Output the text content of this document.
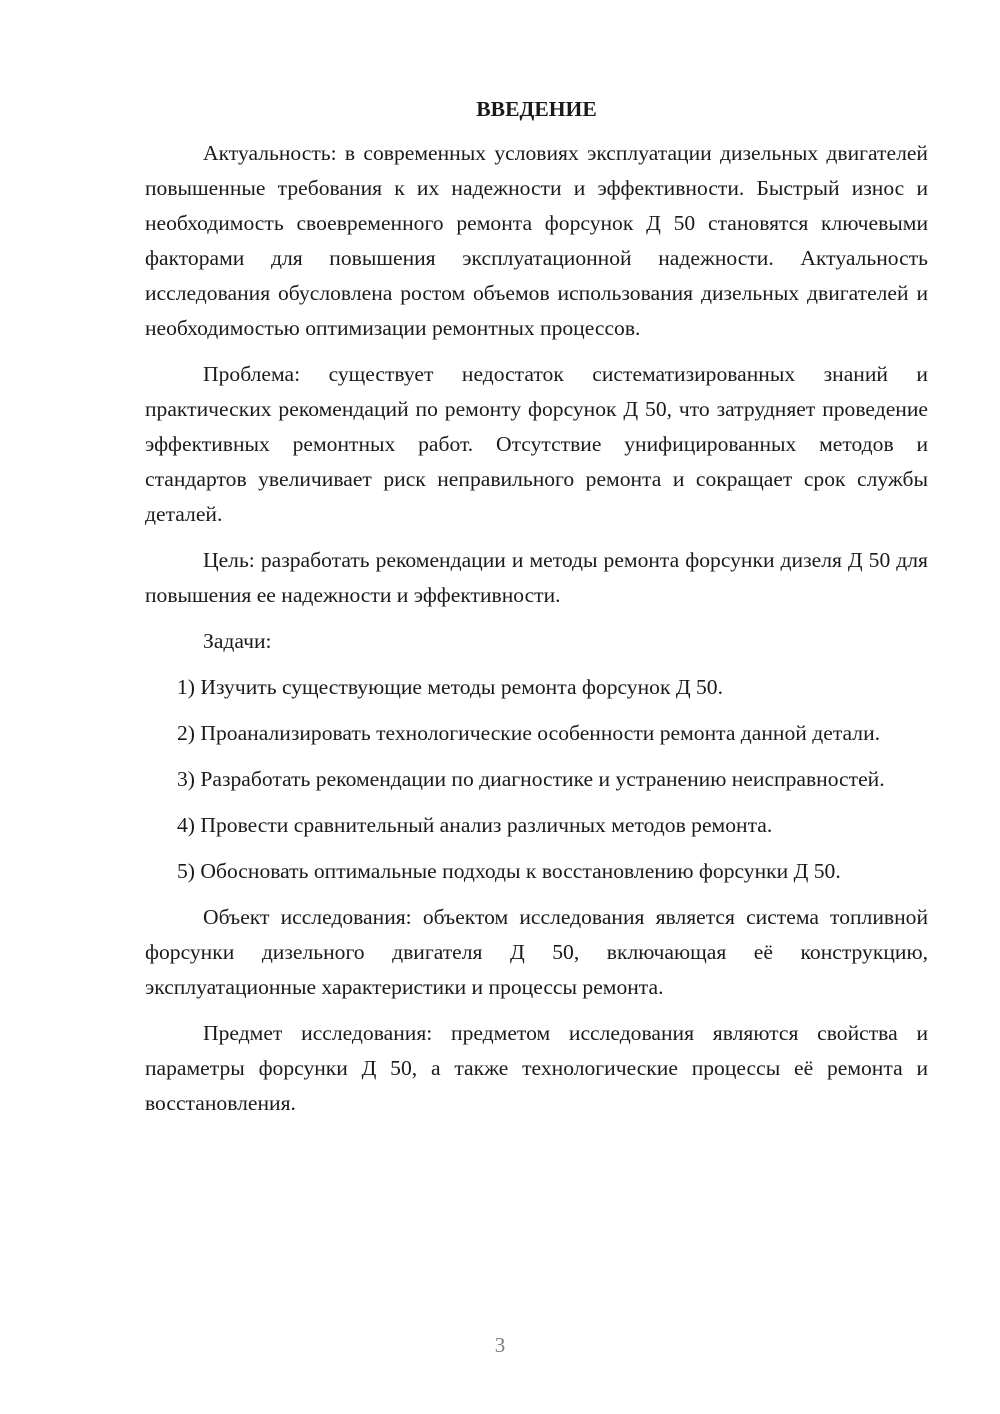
ВВЕДЕНИЕ

Актуальность: в современных условиях эксплуатации дизельных двигателей повышенные требования к их надежности и эффективности. Быстрый износ и необходимость своевременного ремонта форсунок Д 50 становятся ключевыми факторами для повышения эксплуатационной надежности. Актуальность исследования обусловлена ростом объемов использования дизельных двигателей и необходимостью оптимизации ремонтных процессов.

Проблема: существует недостаток систематизированных знаний и практических рекомендаций по ремонту форсунок Д 50, что затрудняет проведение эффективных ремонтных работ. Отсутствие унифицированных методов и стандартов увеличивает риск неправильного ремонта и сокращает срок службы деталей.

Цель: разработать рекомендации и методы ремонта форсунки дизеля Д 50 для повышения ее надежности и эффективности.

Задачи:

1) Изучить существующие методы ремонта форсунок Д 50.

2) Проанализировать технологические особенности ремонта данной детали.

3) Разработать рекомендации по диагностике и устранению неисправностей.

4) Провести сравнительный анализ различных методов ремонта.

5) Обосновать оптимальные подходы к восстановлению форсунки Д 50.

Объект исследования: объектом исследования является система топливной форсунки дизельного двигателя Д 50, включающая её конструкцию, эксплуатационные характеристики и процессы ремонта.

Предмет исследования: предметом исследования являются свойства и параметры форсунки Д 50, а также технологические процессы её ремонта и восстановления.

3
